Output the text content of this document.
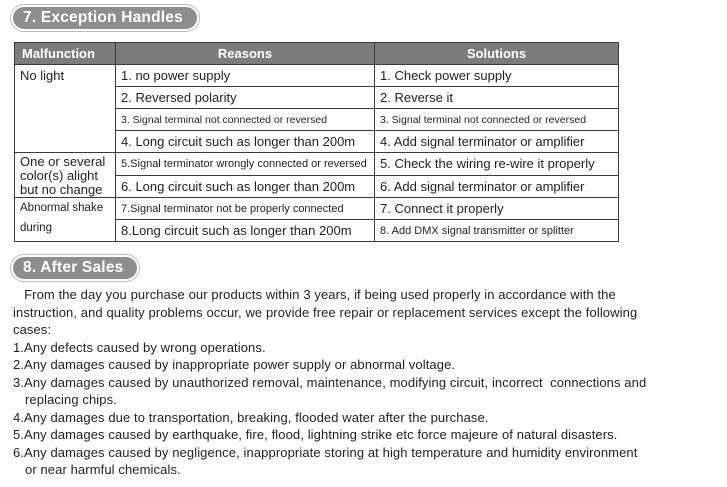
7. Exception Handles
Malfunction	Reasons	Solutions
No light	1. no power supply	1. Check power supply
	2. Reversed polarity	2. Reverse it
	3. Signal terminal not connected or reversed	3. Signal terminal not connected or reversed
	4. Long circuit such as longer than 200m	4. Add signal terminator or amplifier
One or several
color(s) alight
but no change	5.Signal terminator wrongly connected or reversed	5. Check the wiring re-wire it properly
	6. Long circuit such as longer than 200m	6. Add signal terminator or amplifier
Abnormal shake
during	7.Signal terminator not be properly connected	7. Connect it properly
	8.Long circuit such as longer than 200m	8. Add DMX signal transmitter or splitter
8. After Sales

From the day you purchase our products within 3 years, if being used properly in accordance with the

instruction, and quality problems occur, we provide free repair or replacement services except the following

cases:

1.Any defects caused by wrong operations.

2.Any damages caused by inappropriate power supply or abnormal voltage.

3.Any damages caused by unauthorized removal, maintenance, modifying circuit, incorrect  connections and

replacing chips.

4.Any damages due to transportation, breaking, flooded water after the purchase.

5.Any damages caused by earthquake, fire, flood, lightning strike etc force majeure of natural disasters.

6.Any damages caused by negligence, inappropriate storing at high temperature and humidity environment

or near harmful chemicals.
